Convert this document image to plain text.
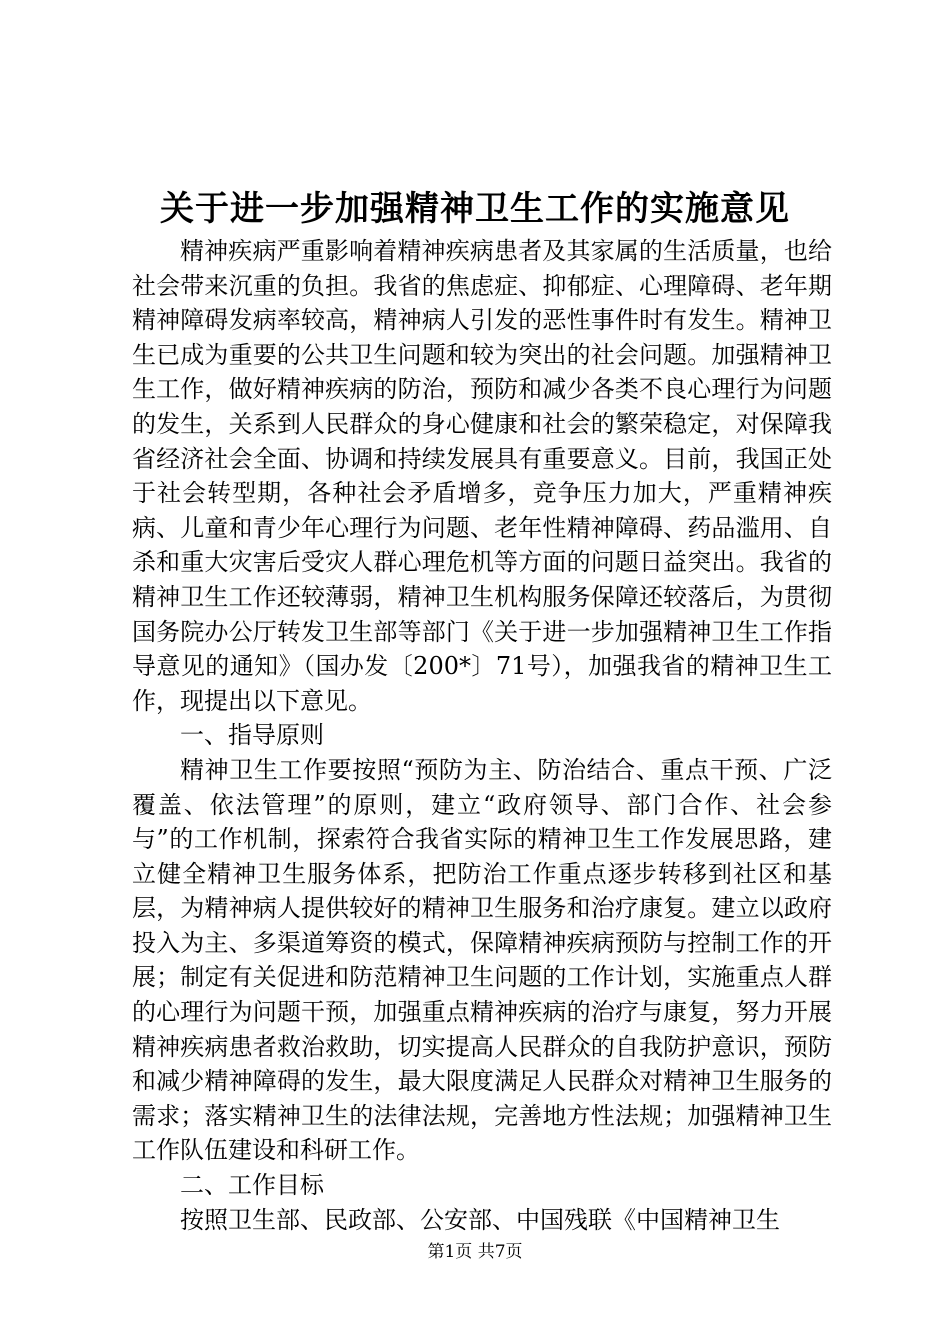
关于进一步加强精神卫生工作的实施意见

精神疾病严重影响着精神疾病患者及其家属的生活质量，也给社会带来沉重的负担。我省的焦虑症、抑郁症、心理障碍、老年期精神障碍发病率较高，精神病人引发的恶性事件时有发生。精神卫生已成为重要的公共卫生问题和较为突出的社会问题。加强精神卫生工作，做好精神疾病的防治，预防和减少各类不良心理行为问题的发生，关系到人民群众的身心健康和社会的繁荣稳定，对保障我省经济社会全面、协调和持续发展具有重要意义。目前，我国正处于社会转型期，各种社会矛盾增多，竞争压力加大，严重精神疾病、儿童和青少年心理行为问题、老年性精神障碍、药品滥用、自杀和重大灾害后受灾人群心理危机等方面的问题日益突出。我省的精神卫生工作还较薄弱，精神卫生机构服务保障还较落后，为贯彻国务院办公厅转发卫生部等部门《关于进一步加强精神卫生工作指导意见的通知》（国办发〔200*〕71号），加强我省的精神卫生工作，现提出以下意见。

一、指导原则

精神卫生工作要按照“预防为主、防治结合、重点干预、广泛覆盖、依法管理”的原则，建立“政府领导、部门合作、社会参与”的工作机制，探索符合我省实际的精神卫生工作发展思路，建立健全精神卫生服务体系，把防治工作重点逐步转移到社区和基层，为精神病人提供较好的精神卫生服务和治疗康复。建立以政府投入为主、多渠道筹资的模式，保障精神疾病预防与控制工作的开展；制定有关促进和防范精神卫生问题的工作计划，实施重点人群的心理行为问题干预，加强重点精神疾病的治疗与康复，努力开展精神疾病患者救治救助，切实提高人民群众的自我防护意识，预防和减少精神障碍的发生，最大限度满足人民群众对精神卫生服务的需求；落实精神卫生的法律法规，完善地方性法规；加强精神卫生工作队伍建设和科研工作。

二、工作目标

按照卫生部、民政部、公安部、中国残联《中国精神卫生

第1页 共7页
